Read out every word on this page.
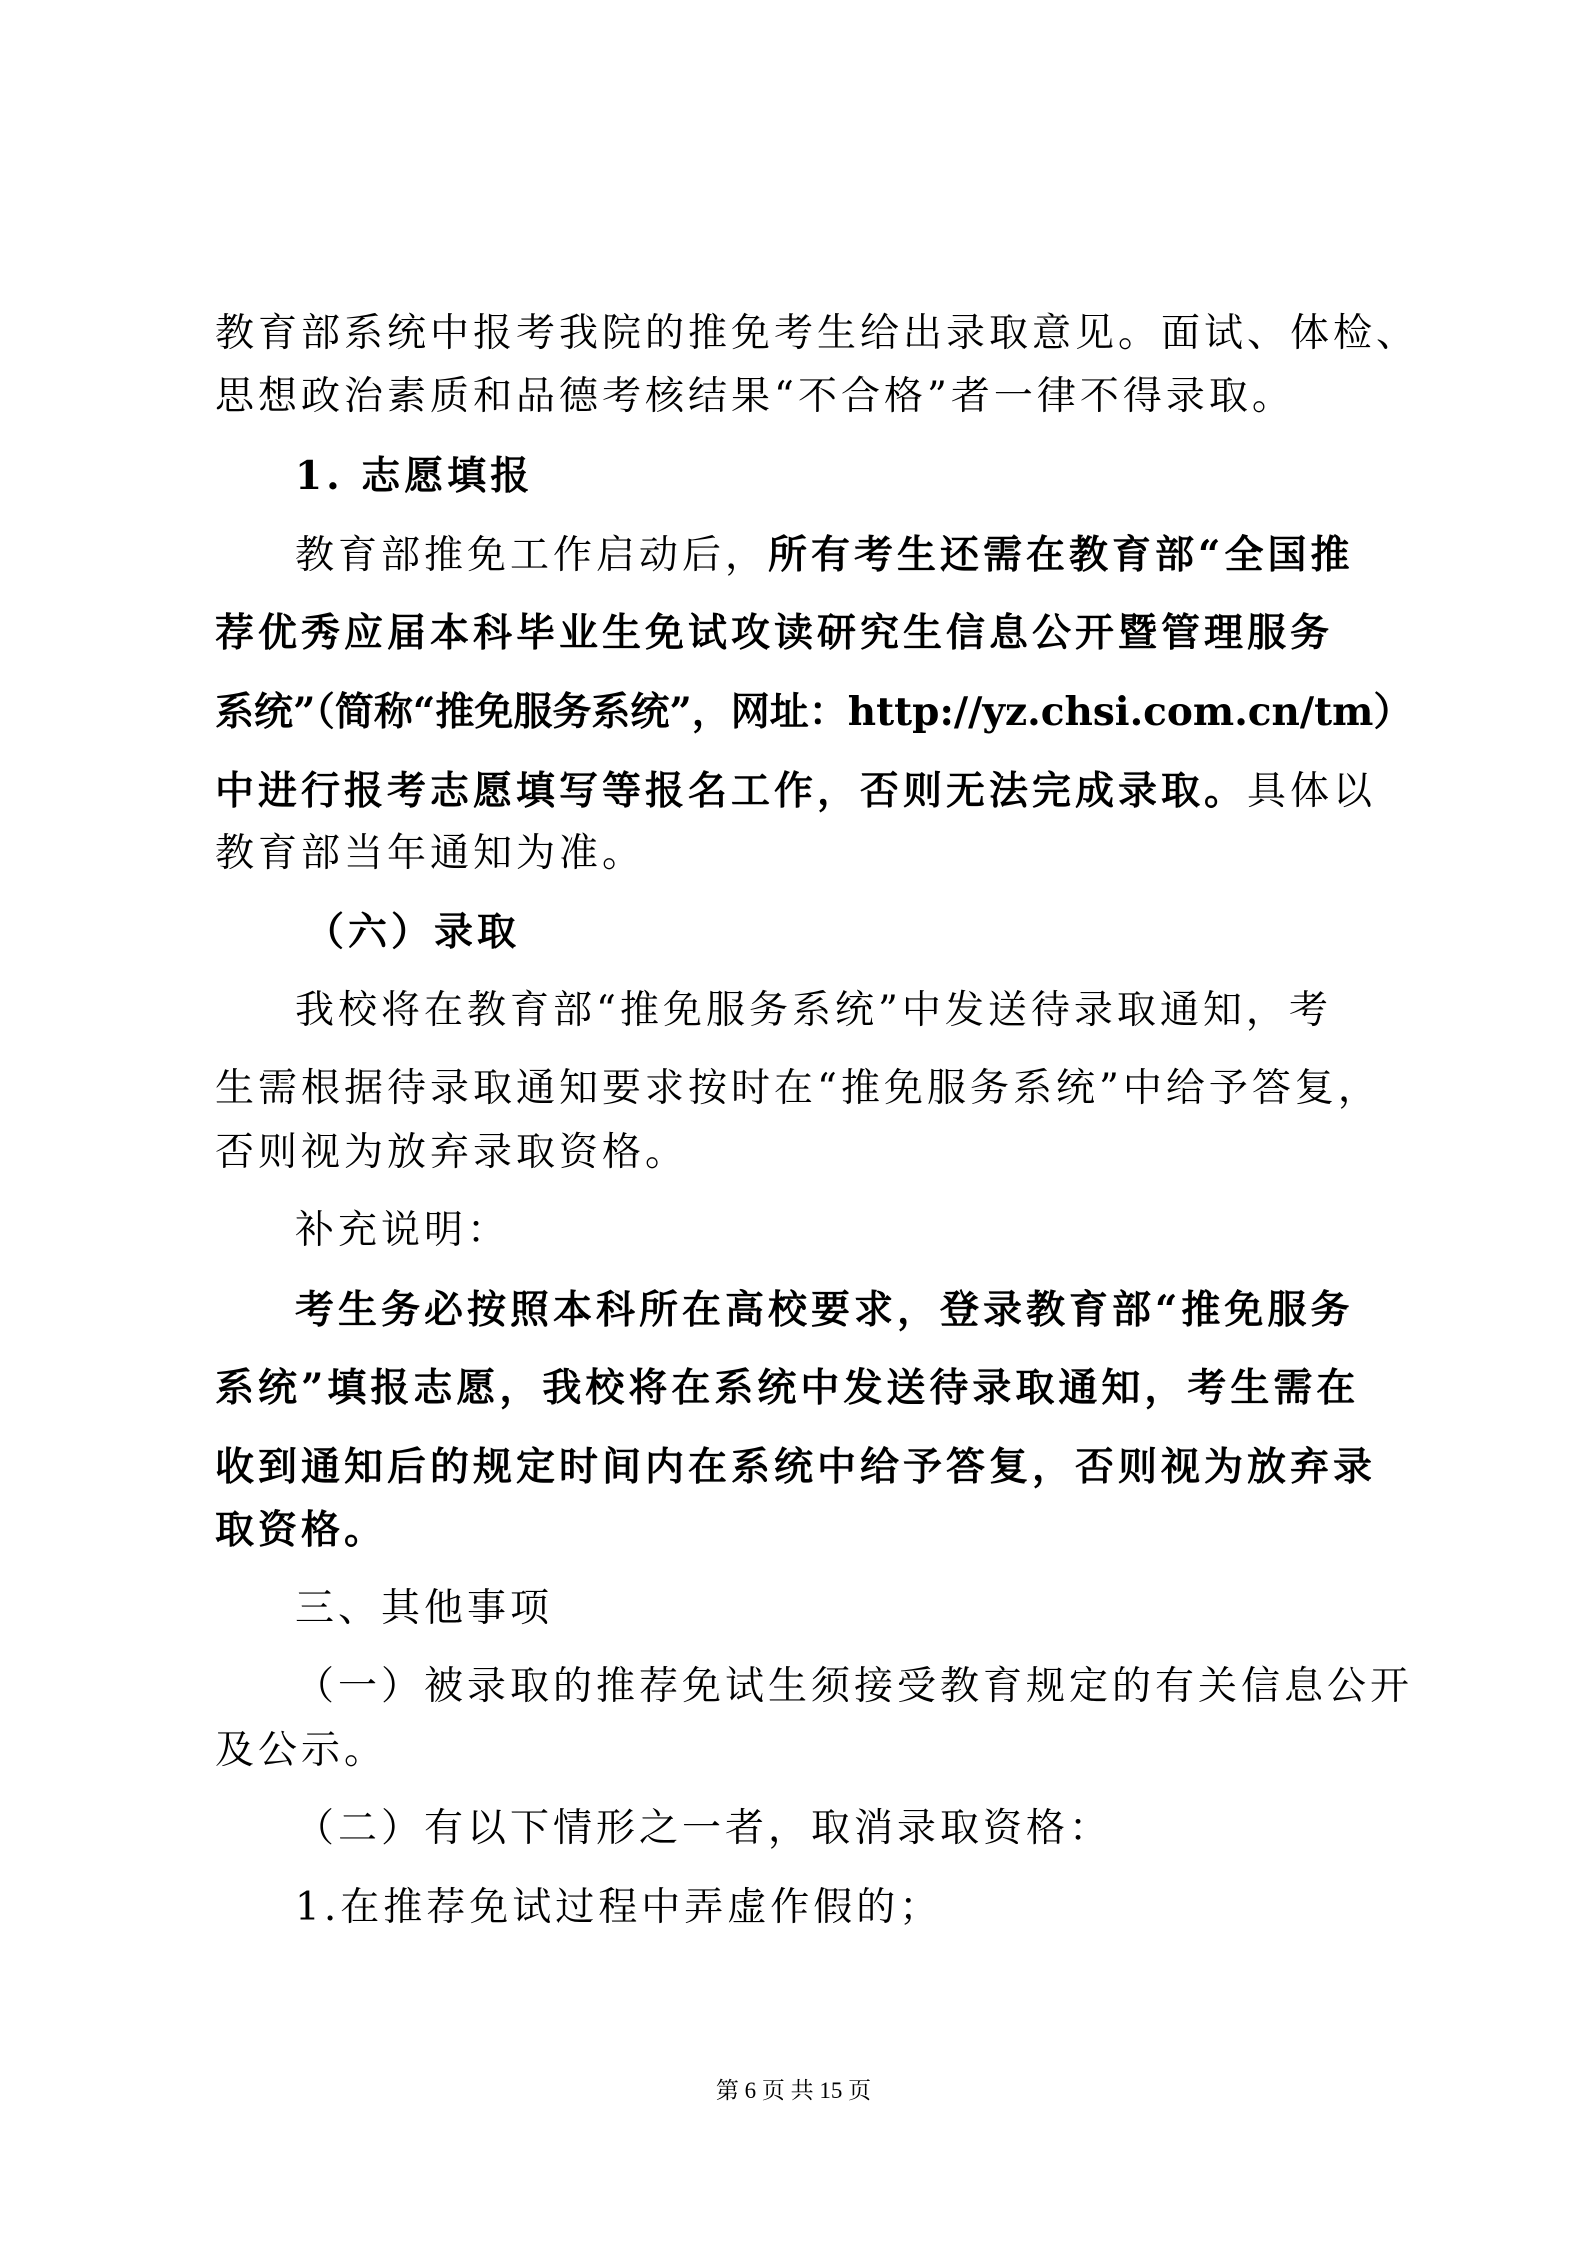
教育部系统中报考我院的推免考生给出录取意见。面试、体检、
思想政治素质和品德考核结果“不合格”者一律不得录取。
1. 志愿填报
教育部推免工作启动后，所有考生还需在教育部“全国推
荐优秀应届本科毕业生免试攻读研究生信息公开暨管理服务
系统”（简称“推免服务系统”，网址：http://yz.chsi.com.cn/tm）
中进行报考志愿填写等报名工作，否则无法完成录取。具体以
教育部当年通知为准。
（六）录取
我校将在教育部“推免服务系统”中发送待录取通知，考
生需根据待录取通知要求按时在“推免服务系统”中给予答复，
否则视为放弃录取资格。
补充说明：
考生务必按照本科所在高校要求，登录教育部“推免服务
系统”填报志愿，我校将在系统中发送待录取通知，考生需在
收到通知后的规定时间内在系统中给予答复，否则视为放弃录
取资格。
三、其他事项
（一）被录取的推荐免试生须接受教育规定的有关信息公开
及公示。
（二）有以下情形之一者，取消录取资格：
1.在推荐免试过程中弄虚作假的；
第 6 页 共 15 页
